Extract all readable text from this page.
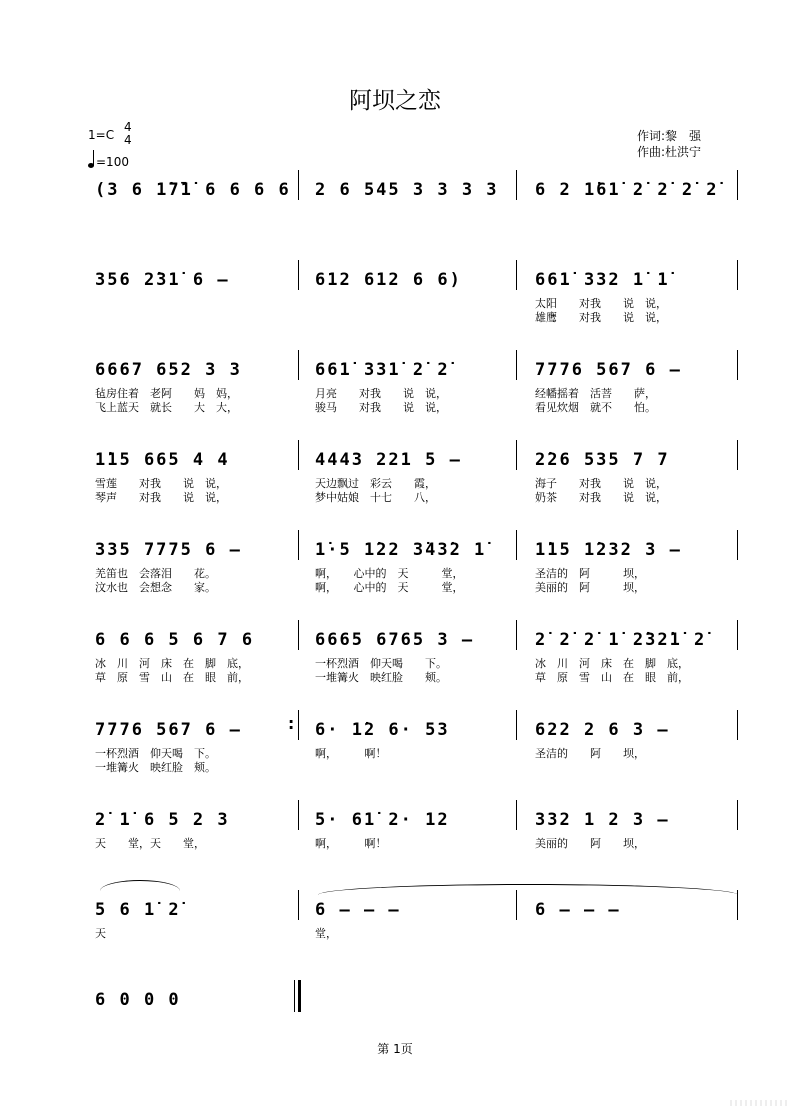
阿坝之恋
1=C
4
4
=100
作词:黎　强
作曲:杜洪宁
(3 6 1̇7̄1̇ 6 6 6 6 2 6 545 3 3 3 3 6 2 1̇61̇ 2̇ 2̇ 2̇ 2̇
356 2̇31̇ 6 –	612 612 6 6)	661̇ 332 1̇ 1̇
太阳　　对我　　说　说，
雄鹰　　对我　　说　说，
6667 652 3 3
毡房住着　老阿　　妈　妈，
飞上蓝天　就长　　大　大，
661̇ 331̇ 2̇ 2̇
月亮　　对我　　说　说，
骏马　　对我　　说　说，
7776 567 6 –
经幡摇着　活菩　　萨，
看见炊烟　就不　　怕。
1̇15 665 4 4
雪莲　　对我　　说　说，
琴声　　对我　　说　说，
4443 221 5 –
天边飘过　彩云　　霞，
梦中姑娘　十七　　八，
2̇26 535 7 7
海子　　对我　　说　说，
奶茶　　对我　　说　说，
335 7775 6 –
羌笛也　会落泪　　花。
汶水也　会想念　　家。
1̇·5 1̇22 3̇43̇2 1̇
啊，　　心中的　天　　　堂，
啊，　　心中的　天　　　堂，
1̇15 1̇232 3 –
圣洁的　阿　　　坝，
美丽的　阿　　　坝，
6 6 6 5 6 7 6
冰　川　河　床　在　脚　底，
草　原　雪　山　在　眼　前，
6665 6765 3 –
一杯烈酒　仰天喝　　下。
一堆篝火　映红脸　　颊。
2̇ 2̇ 2̇ 1̇ 2̇32̇1̇ 2̇
冰　川　河　床　在　脚　底，
草　原　雪　山　在　眼　前，
:
7776 567 6 –
一杯烈酒　仰天喝　下。
一堆篝火　映红脸　颊。
6· 1̇2 6· 53
啊，　　　啊！
622 2 6 3 –
圣洁的　　阿　　坝，
2̇ 1̇ 6 5 2 3
天　　堂，天　　堂，
5· 61̇ 2· 12
啊，　　　啊！
332 1 2 3 –
美丽的　　阿　　坝，
5 6 1̇ 2̇
天
6 – – –
堂，
6 – – –
6 0 0 0
第 1页
